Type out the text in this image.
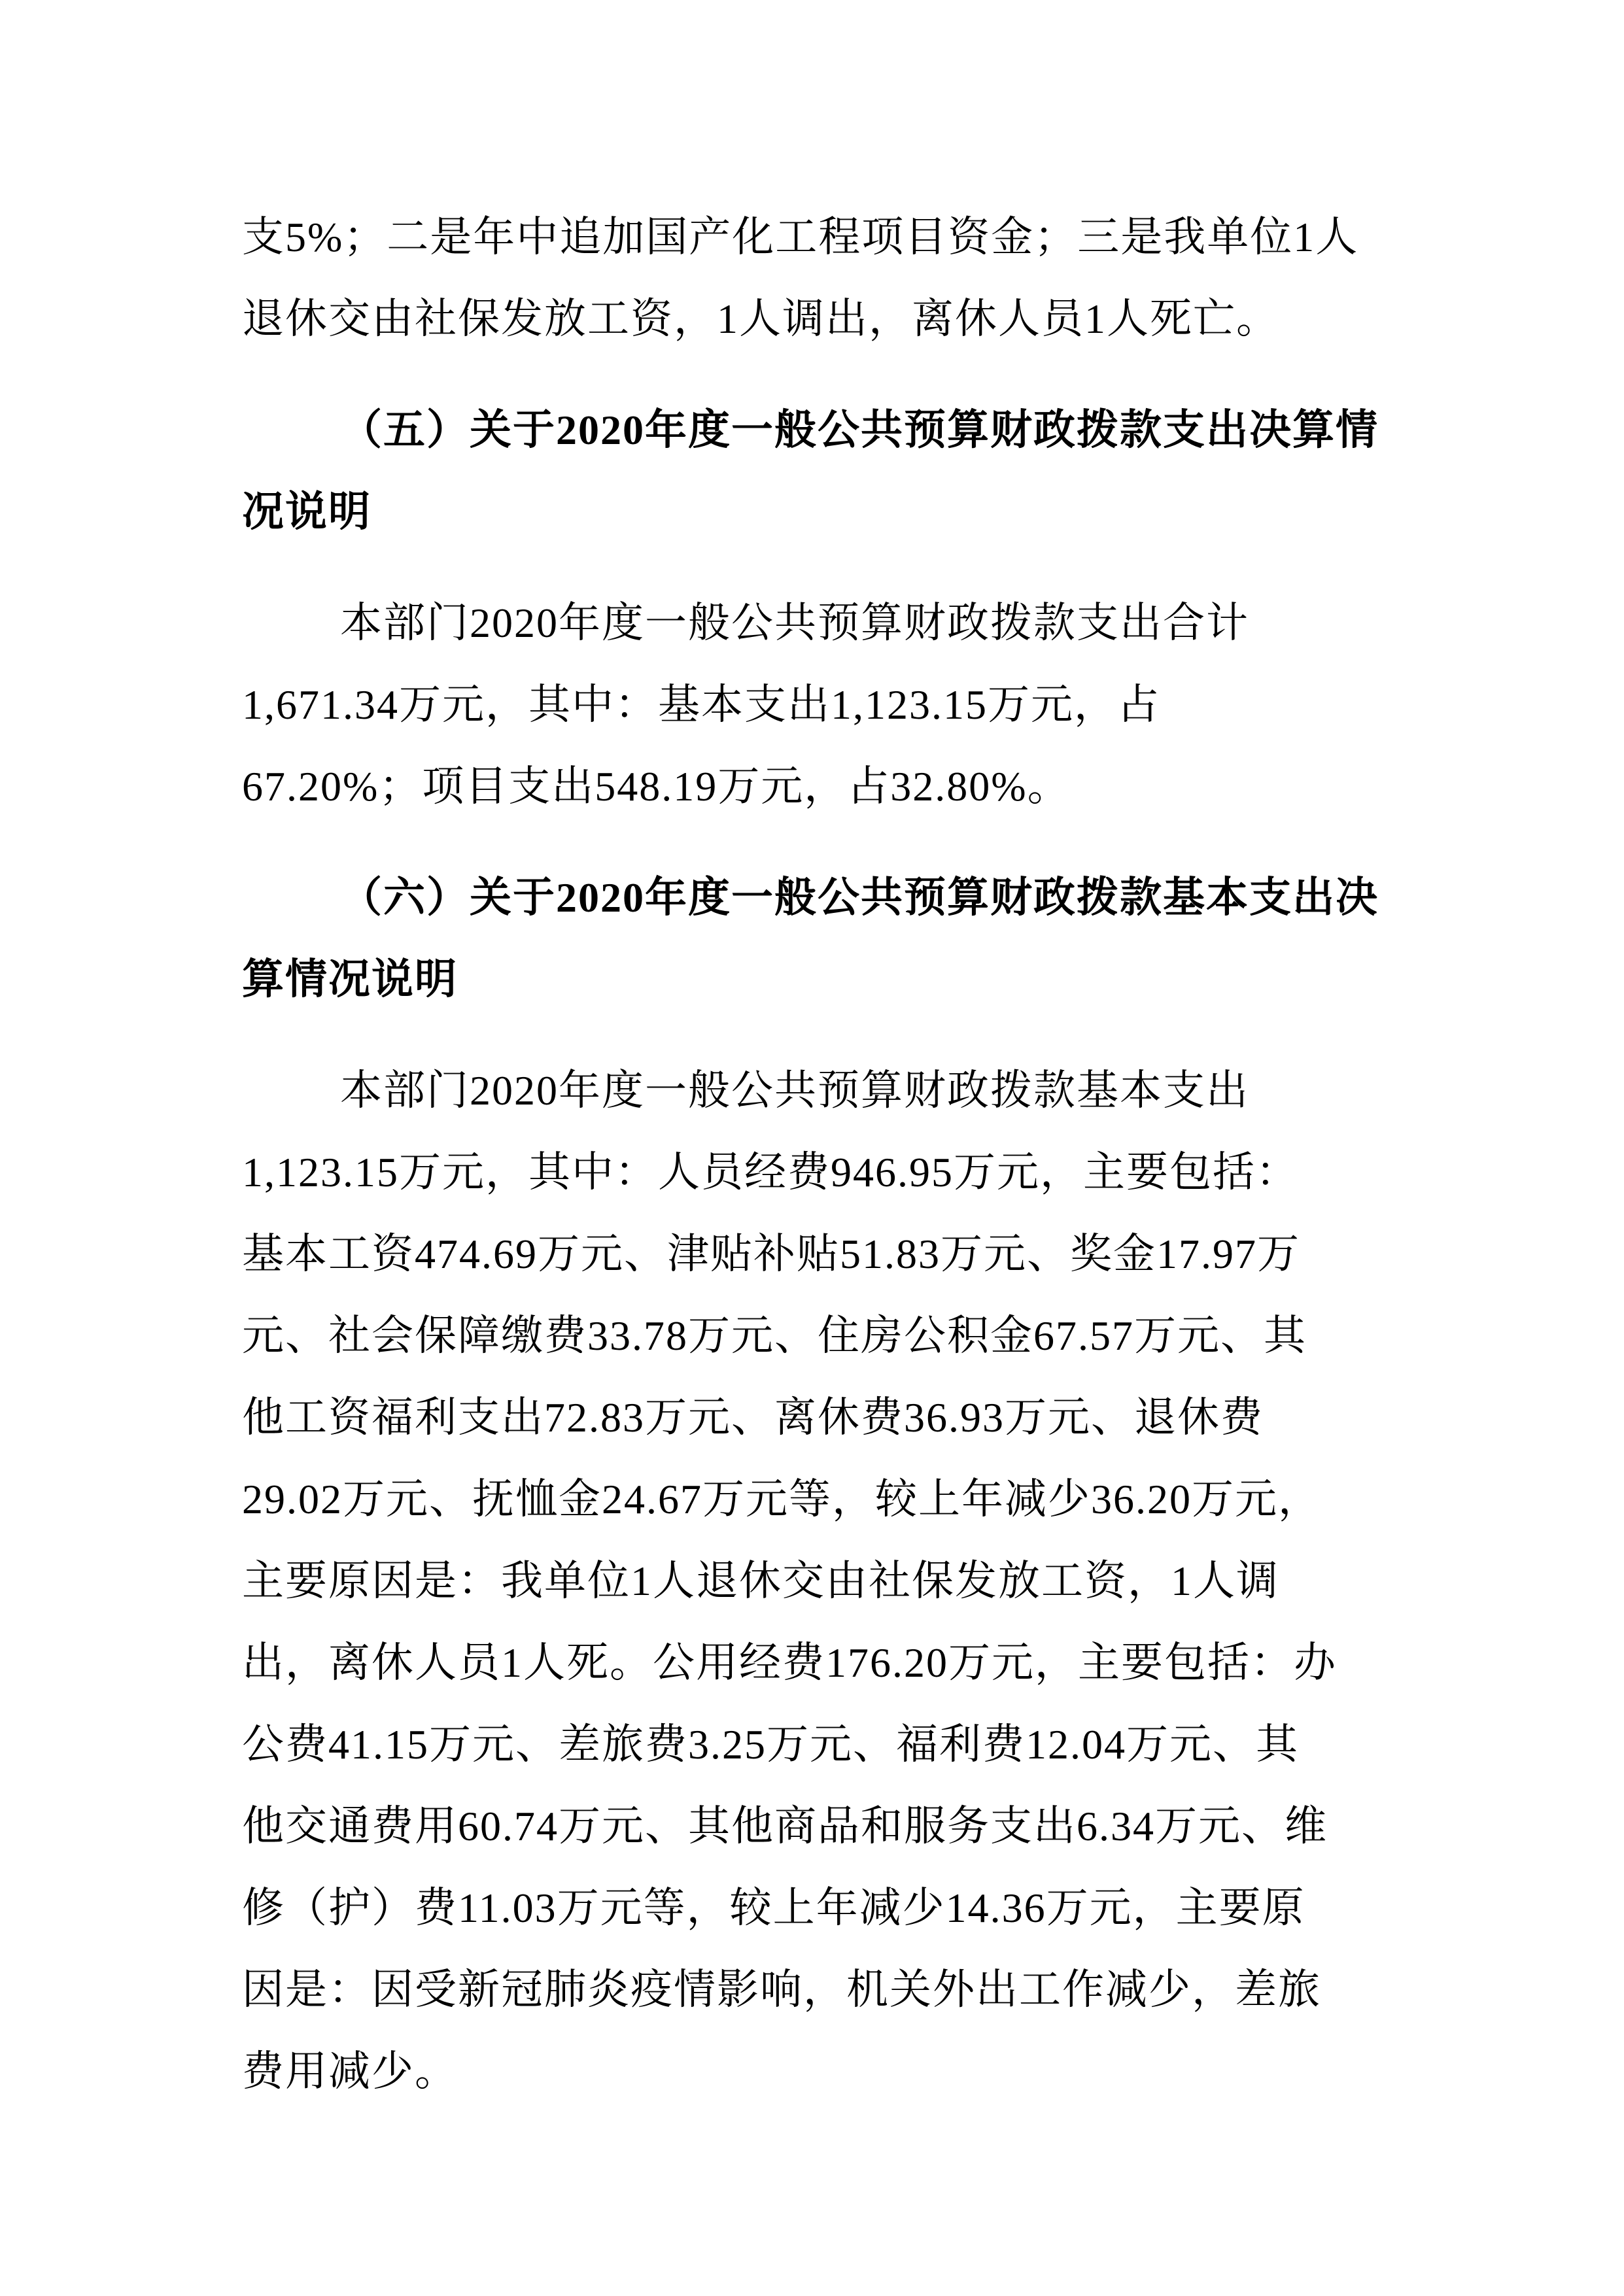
支5%；二是年中追加国产化工程项目资金；三是我单位1人
退休交由社保发放工资，1人调出，离休人员1人死亡。
（五）关于2020年度一般公共预算财政拨款支出决算情
况说明
本部门2020年度一般公共预算财政拨款支出合计
1,671.34万元，其中：基本支出1,123.15万元，占
67.20%；项目支出548.19万元，占32.80%。
（六）关于2020年度一般公共预算财政拨款基本支出决
算情况说明
本部门2020年度一般公共预算财政拨款基本支出
1,123.15万元，其中：人员经费946.95万元，主要包括：
基本工资474.69万元、津贴补贴51.83万元、奖金17.97万
元、社会保障缴费33.78万元、住房公积金67.57万元、其
他工资福利支出72.83万元、离休费36.93万元、退休费
29.02万元、抚恤金24.67万元等，较上年减少36.20万元，
主要原因是：我单位1人退休交由社保发放工资，1人调
出，离休人员1人死。公用经费176.20万元，主要包括：办
公费41.15万元、差旅费3.25万元、福利费12.04万元、其
他交通费用60.74万元、其他商品和服务支出6.34万元、维
修（护）费11.03万元等，较上年减少14.36万元，主要原
因是：因受新冠肺炎疫情影响，机关外出工作减少，差旅
费用减少。
